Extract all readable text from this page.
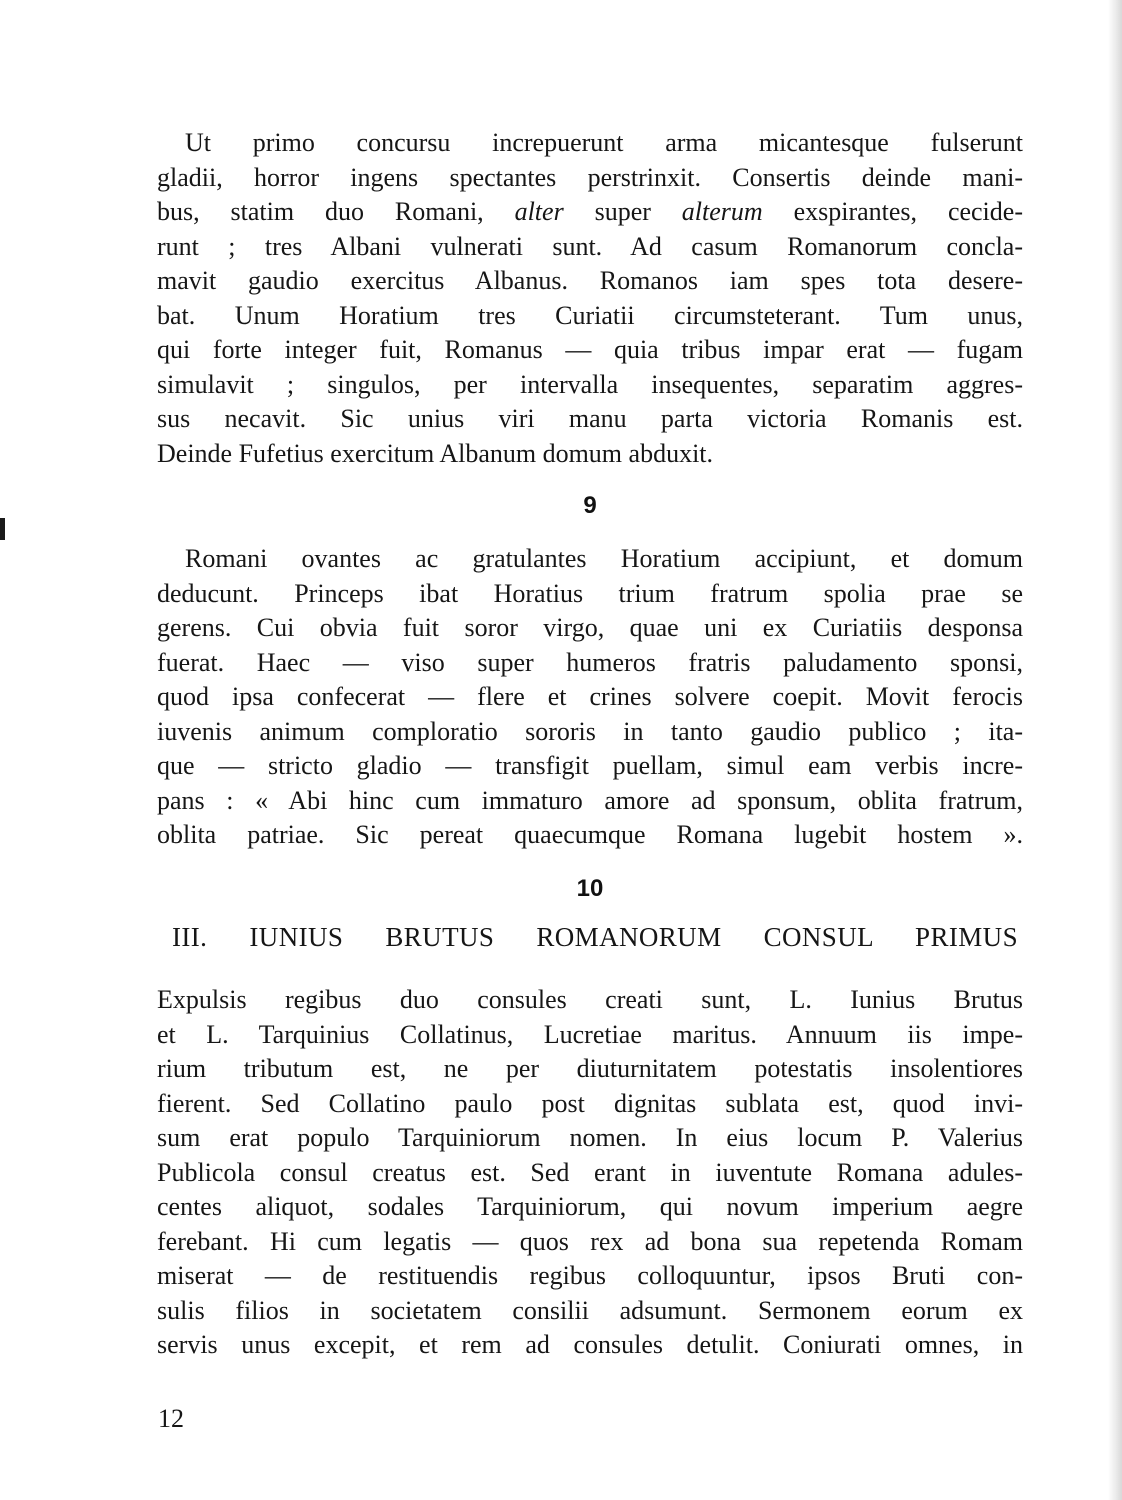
Ut primo concursu increpuerunt arma micantesque fulserunt
gladii, horror ingens spectantes perstrinxit. Consertis deinde mani-
bus, statim duo Romani, alter super alterum exspirantes, cecide-
runt ; tres Albani vulnerati sunt. Ad casum Romanorum concla-
mavit gaudio exercitus Albanus. Romanos iam spes tota desere-
bat. Unum Horatium tres Curiatii circumsteterant. Tum unus,
qui forte integer fuit, Romanus — quia tribus impar erat — fugam
simulavit ; singulos, per intervalla insequentes, separatim aggres-
sus necavit. Sic unius viri manu parta victoria Romanis est.
Deinde Fufetius exercitum Albanum domum abduxit.
9
Romani ovantes ac gratulantes Horatium accipiunt, et domum
deducunt. Princeps ibat Horatius trium fratrum spolia prae se
gerens. Cui obvia fuit soror virgo, quae uni ex Curiatiis desponsa
fuerat. Haec — viso super humeros fratris paludamento sponsi,
quod ipsa confecerat — flere et crines solvere coepit. Movit ferocis
iuvenis animum comploratio sororis in tanto gaudio publico ; ita-
que — stricto gladio — transfigit puellam, simul eam verbis incre-
pans : « Abi hinc cum immaturo amore ad sponsum, oblita fratrum,
oblita patriae. Sic pereat quaecumque Romana lugebit hostem ».
10
III. IUNIUS BRUTUS ROMANORUM CONSUL PRIMUS
Expulsis regibus duo consules creati sunt, L. Iunius Brutus
et L. Tarquinius Collatinus, Lucretiae maritus. Annuum iis impe-
rium tributum est, ne per diuturnitatem potestatis insolentiores
fierent. Sed Collatino paulo post dignitas sublata est, quod invi-
sum erat populo Tarquiniorum nomen. In eius locum P. Valerius
Publicola consul creatus est. Sed erant in iuventute Romana adules-
centes aliquot, sodales Tarquiniorum, qui novum imperium aegre
ferebant. Hi cum legatis — quos rex ad bona sua repetenda Romam
miserat — de restituendis regibus colloquuntur, ipsos Bruti con-
sulis filios in societatem consilii adsumunt. Sermonem eorum ex
servis unus excepit, et rem ad consules detulit. Coniurati omnes, in
12
